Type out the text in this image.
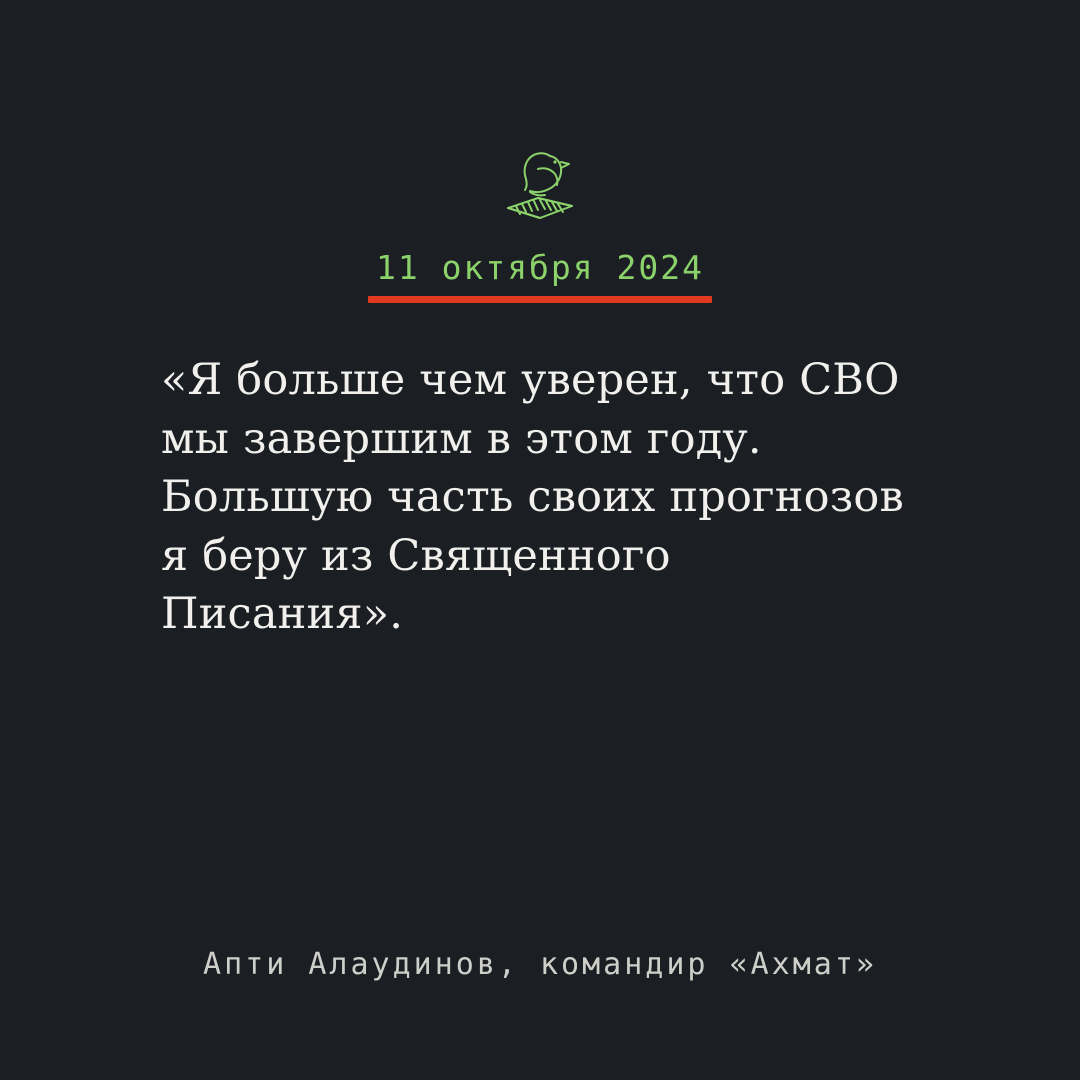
11 октября 2024
«Я больше чем уверен, что СВО мы завершим в этом году. Большую часть своих прогнозов я беру из Священного Писания».
Апти Алаудинов, командир «Ахмат»
